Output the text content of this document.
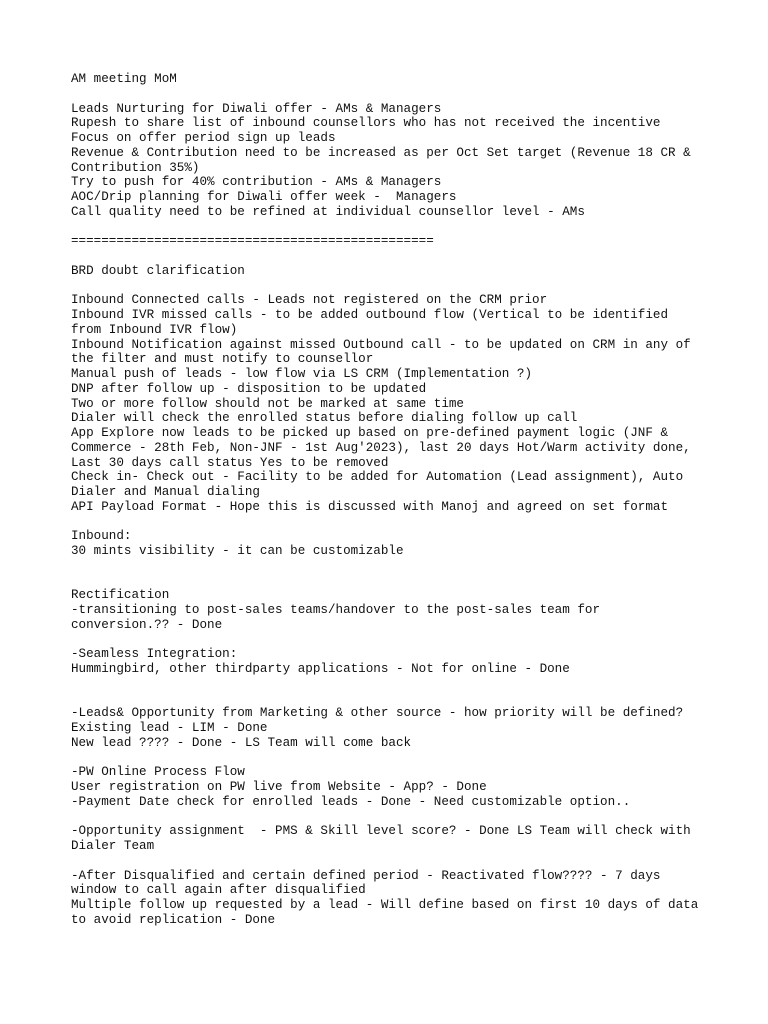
AM meeting MoM
Leads Nurturing for Diwali offer - AMs & Managers
Rupesh to share list of inbound counsellors who has not received the incentive
Focus on offer period sign up leads
Revenue & Contribution need to be increased as per Oct Set target (Revenue 18 CR &
Contribution 35%)
Try to push for 40% contribution - AMs & Managers
AOC/Drip planning for Diwali offer week -  Managers
Call quality need to be refined at individual counsellor level - AMs
================================================
BRD doubt clarification
Inbound Connected calls - Leads not registered on the CRM prior
Inbound IVR missed calls - to be added outbound flow (Vertical to be identified
from Inbound IVR flow)
Inbound Notification against missed Outbound call - to be updated on CRM in any of
the filter and must notify to counsellor
Manual push of leads - low flow via LS CRM (Implementation ?)
DNP after follow up - disposition to be updated
Two or more follow should not be marked at same time
Dialer will check the enrolled status before dialing follow up call
App Explore now leads to be picked up based on pre-defined payment logic (JNF &
Commerce - 28th Feb, Non-JNF - 1st Aug'2023), last 20 days Hot/Warm activity done,
Last 30 days call status Yes to be removed
Check in- Check out - Facility to be added for Automation (Lead assignment), Auto
Dialer and Manual dialing
API Payload Format - Hope this is discussed with Manoj and agreed on set format
Inbound:
30 mints visibility - it can be customizable
Rectification
-transitioning to post-sales teams/handover to the post-sales team for
conversion.?? - Done
-Seamless Integration:
Hummingbird, other thirdparty applications - Not for online - Done
-Leads& Opportunity from Marketing & other source - how priority will be defined?
Existing lead - LIM - Done
New lead ???? - Done - LS Team will come back
-PW Online Process Flow
User registration on PW live from Website - App? - Done
-Payment Date check for enrolled leads - Done - Need customizable option..
-Opportunity assignment  - PMS & Skill level score? - Done LS Team will check with
Dialer Team
-After Disqualified and certain defined period - Reactivated flow???? - 7 days
window to call again after disqualified
Multiple follow up requested by a lead - Will define based on first 10 days of data
to avoid replication - Done
